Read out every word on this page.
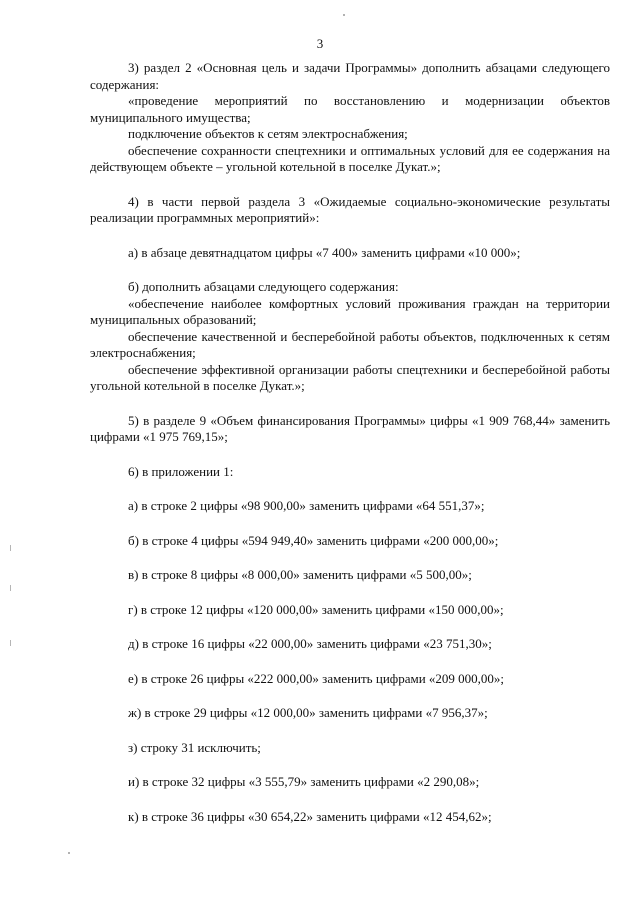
3

3) раздел 2 «Основная цель и задачи Программы» дополнить абзацами следующего содержания:

«проведение мероприятий по восстановлению и модернизации объектов муниципального имущества;

подключение объектов к сетям электроснабжения;

обеспечение сохранности спецтехники и оптимальных условий для ее содержания на действующем объекте – угольной котельной в поселке Дукат.»;

4) в части первой раздела 3 «Ожидаемые социально-экономические результаты реализации программных мероприятий»:

а) в абзаце девятнадцатом цифры «7 400» заменить цифрами «10 000»;

б) дополнить абзацами следующего содержания:

«обеспечение наиболее комфортных условий проживания граждан на территории муниципальных образований;

обеспечение качественной и бесперебойной работы объектов, подключенных к сетям электроснабжения;

обеспечение эффективной организации работы спецтехники и бесперебойной работы угольной котельной в поселке Дукат.»;

5) в разделе 9 «Объем финансирования Программы» цифры «1 909 768,44» заменить цифрами «1 975 769,15»;

6) в приложении 1:

а) в строке 2 цифры «98 900,00» заменить цифрами «64 551,37»;

б) в строке 4 цифры «594 949,40» заменить цифрами «200 000,00»;

в) в строке 8 цифры «8 000,00» заменить цифрами «5 500,00»;

г) в строке 12 цифры «120 000,00» заменить цифрами «150 000,00»;

д) в строке 16 цифры «22 000,00» заменить цифрами «23 751,30»;

е) в строке 26 цифры «222 000,00» заменить цифрами «209 000,00»;

ж) в строке 29 цифры «12 000,00» заменить цифрами «7 956,37»;

з) строку 31 исключить;

и) в строке 32 цифры «3 555,79» заменить цифрами «2 290,08»;

к) в строке 36 цифры «30 654,22» заменить цифрами «12 454,62»;
